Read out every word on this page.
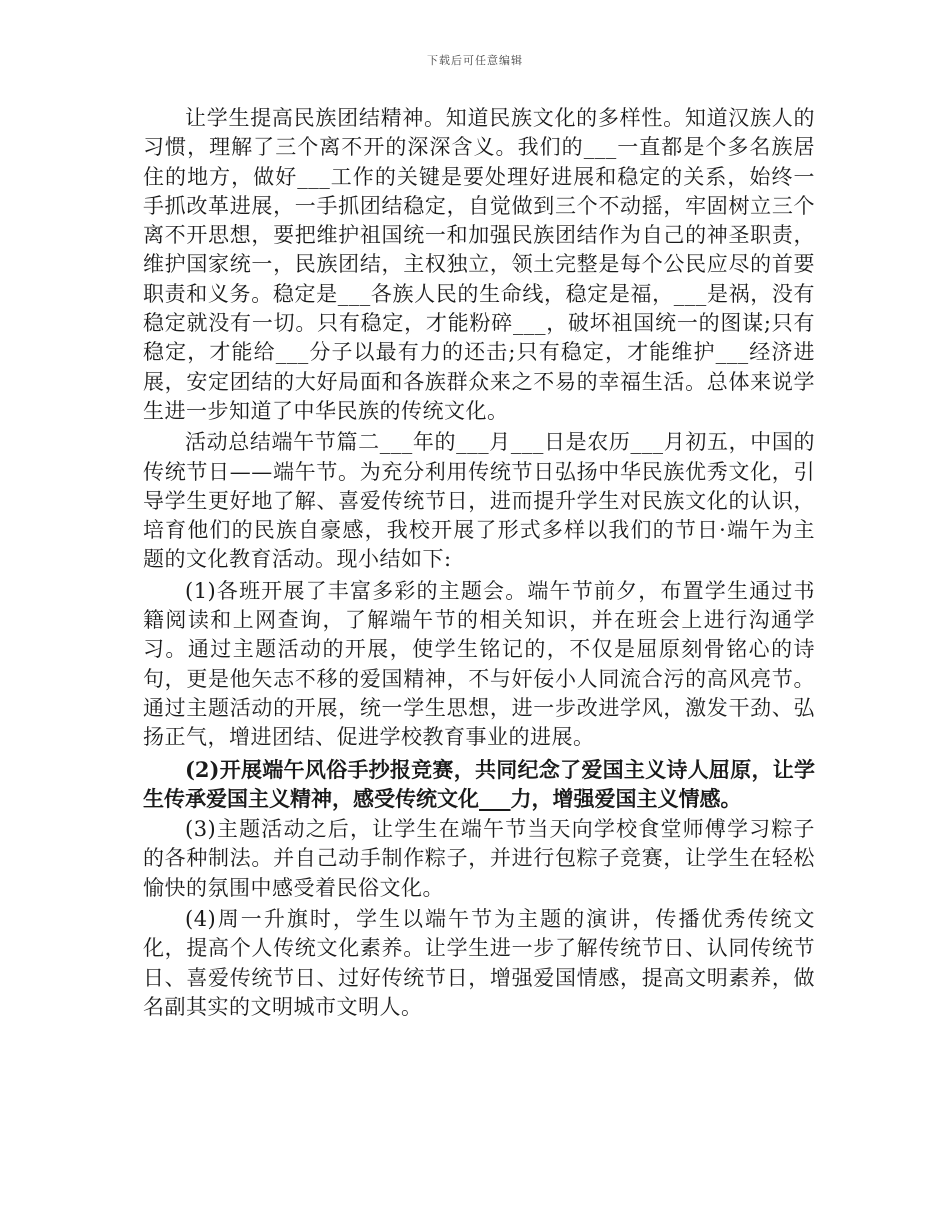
下载后可任意编辑

让学生提高民族团结精神。知道民族文化的多样性。知道汉族人的习惯，理解了三个离不开的深深含义。我们的___一直都是个多名族居住的地方，做好___工作的关键是要处理好进展和稳定的关系，始终一手抓改革进展，一手抓团结稳定，自觉做到三个不动摇，牢固树立三个离不开思想，要把维护祖国统一和加强民族团结作为自己的神圣职责，维护国家统一，民族团结，主权独立，领土完整是每个公民应尽的首要职责和义务。稳定是___各族人民的生命线，稳定是福，___是祸，没有稳定就没有一切。只有稳定，才能粉碎___，破坏祖国统一的图谋;只有稳定，才能给___分子以最有力的还击;只有稳定，才能维护___经济进展，安定团结的大好局面和各族群众来之不易的幸福生活。总体来说学生进一步知道了中华民族的传统文化。

活动总结端午节篇二___年的___月___日是农历___月初五，中国的传统节日——端午节。为充分利用传统节日弘扬中华民族优秀文化，引导学生更好地了解、喜爱传统节日，进而提升学生对民族文化的认识，培育他们的民族自豪感，我校开展了形式多样以我们的节日·端午为主题的文化教育活动。现小结如下:

(1)各班开展了丰富多彩的主题会。端午节前夕，布置学生通过书籍阅读和上网查询，了解端午节的相关知识，并在班会上进行沟通学习。通过主题活动的开展，使学生铭记的，不仅是屈原刻骨铭心的诗句，更是他矢志不移的爱国精神，不与奸佞小人同流合污的高风亮节。通过主题活动的开展，统一学生思想，进一步改进学风，激发干劲、弘扬正气，增进团结、促进学校教育事业的进展。

(2)开展端午风俗手抄报竞赛，共同纪念了爱国主义诗人屈原，让学生传承爱国主义精神，感受传统文化___力，增强爱国主义情感。

(3)主题活动之后，让学生在端午节当天向学校食堂师傅学习粽子的各种制法。并自己动手制作粽子，并进行包粽子竞赛，让学生在轻松愉快的氛围中感受着民俗文化。

(4)周一升旗时，学生以端午节为主题的演讲，传播优秀传统文化，提高个人传统文化素养。让学生进一步了解传统节日、认同传统节日、喜爱传统节日、过好传统节日，增强爱国情感，提高文明素养，做名副其实的文明城市文明人。
